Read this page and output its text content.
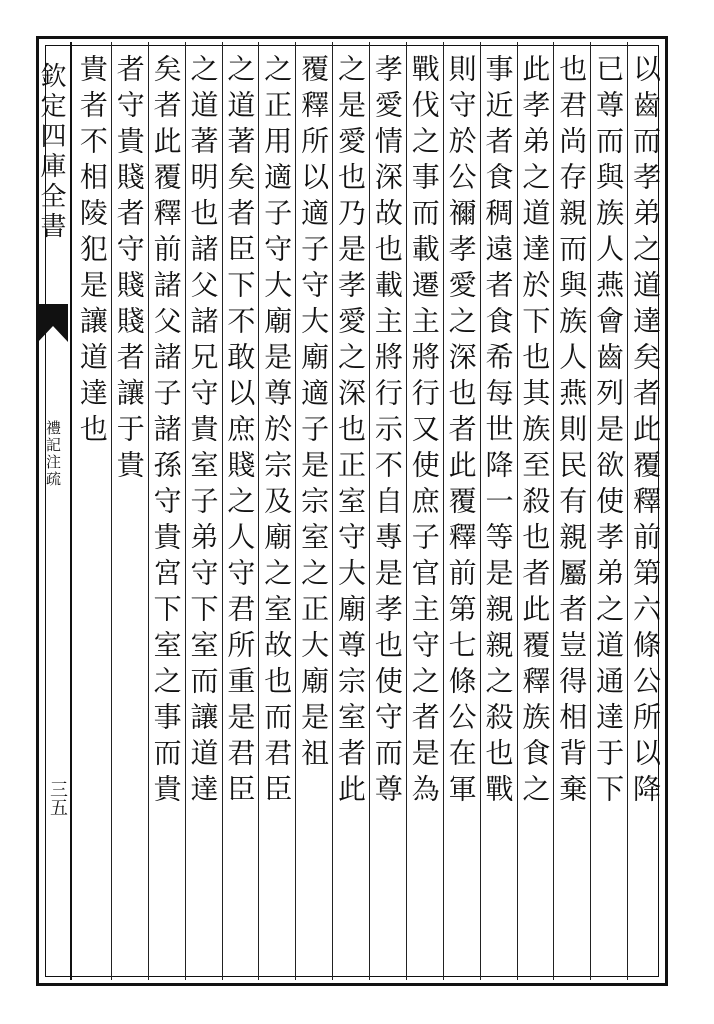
欽定四庫全書
禮記注疏
三五	以齒而孝弟之道達矣者此覆釋前第六條公所以降
已尊而與族人燕會齒列是欲使孝弟之道通達于下
也君尚存親而與族人燕則民有親屬者豈得相背棄
此孝弟之道達於下也其族至殺也者此覆釋族食之
事近者食稠遠者食希每世降一等是親親之殺也戰
則守於公禰孝愛之深也者此覆釋前第七條公在軍
戰伐之事而載遷主將行又使庶子官主守之者是為
孝愛情深故也載主將行示不自專是孝也使守而尊
之是愛也乃是孝愛之深也正室守大廟尊宗室者此
覆釋所以適子守大廟適子是宗室之正大廟是祖
之正用適子守大廟是尊於宗及廟之室故也而君臣
之道著矣者臣下不敢以庶賤之人守君所重是君臣
之道著明也諸父諸兄守貴室子弟守下室而讓道達
矣者此覆釋前諸父諸子諸孫守貴宮下室之事而貴
者守貴賤者守賤賤者讓于貴
貴者不相陵犯是讓道達也
